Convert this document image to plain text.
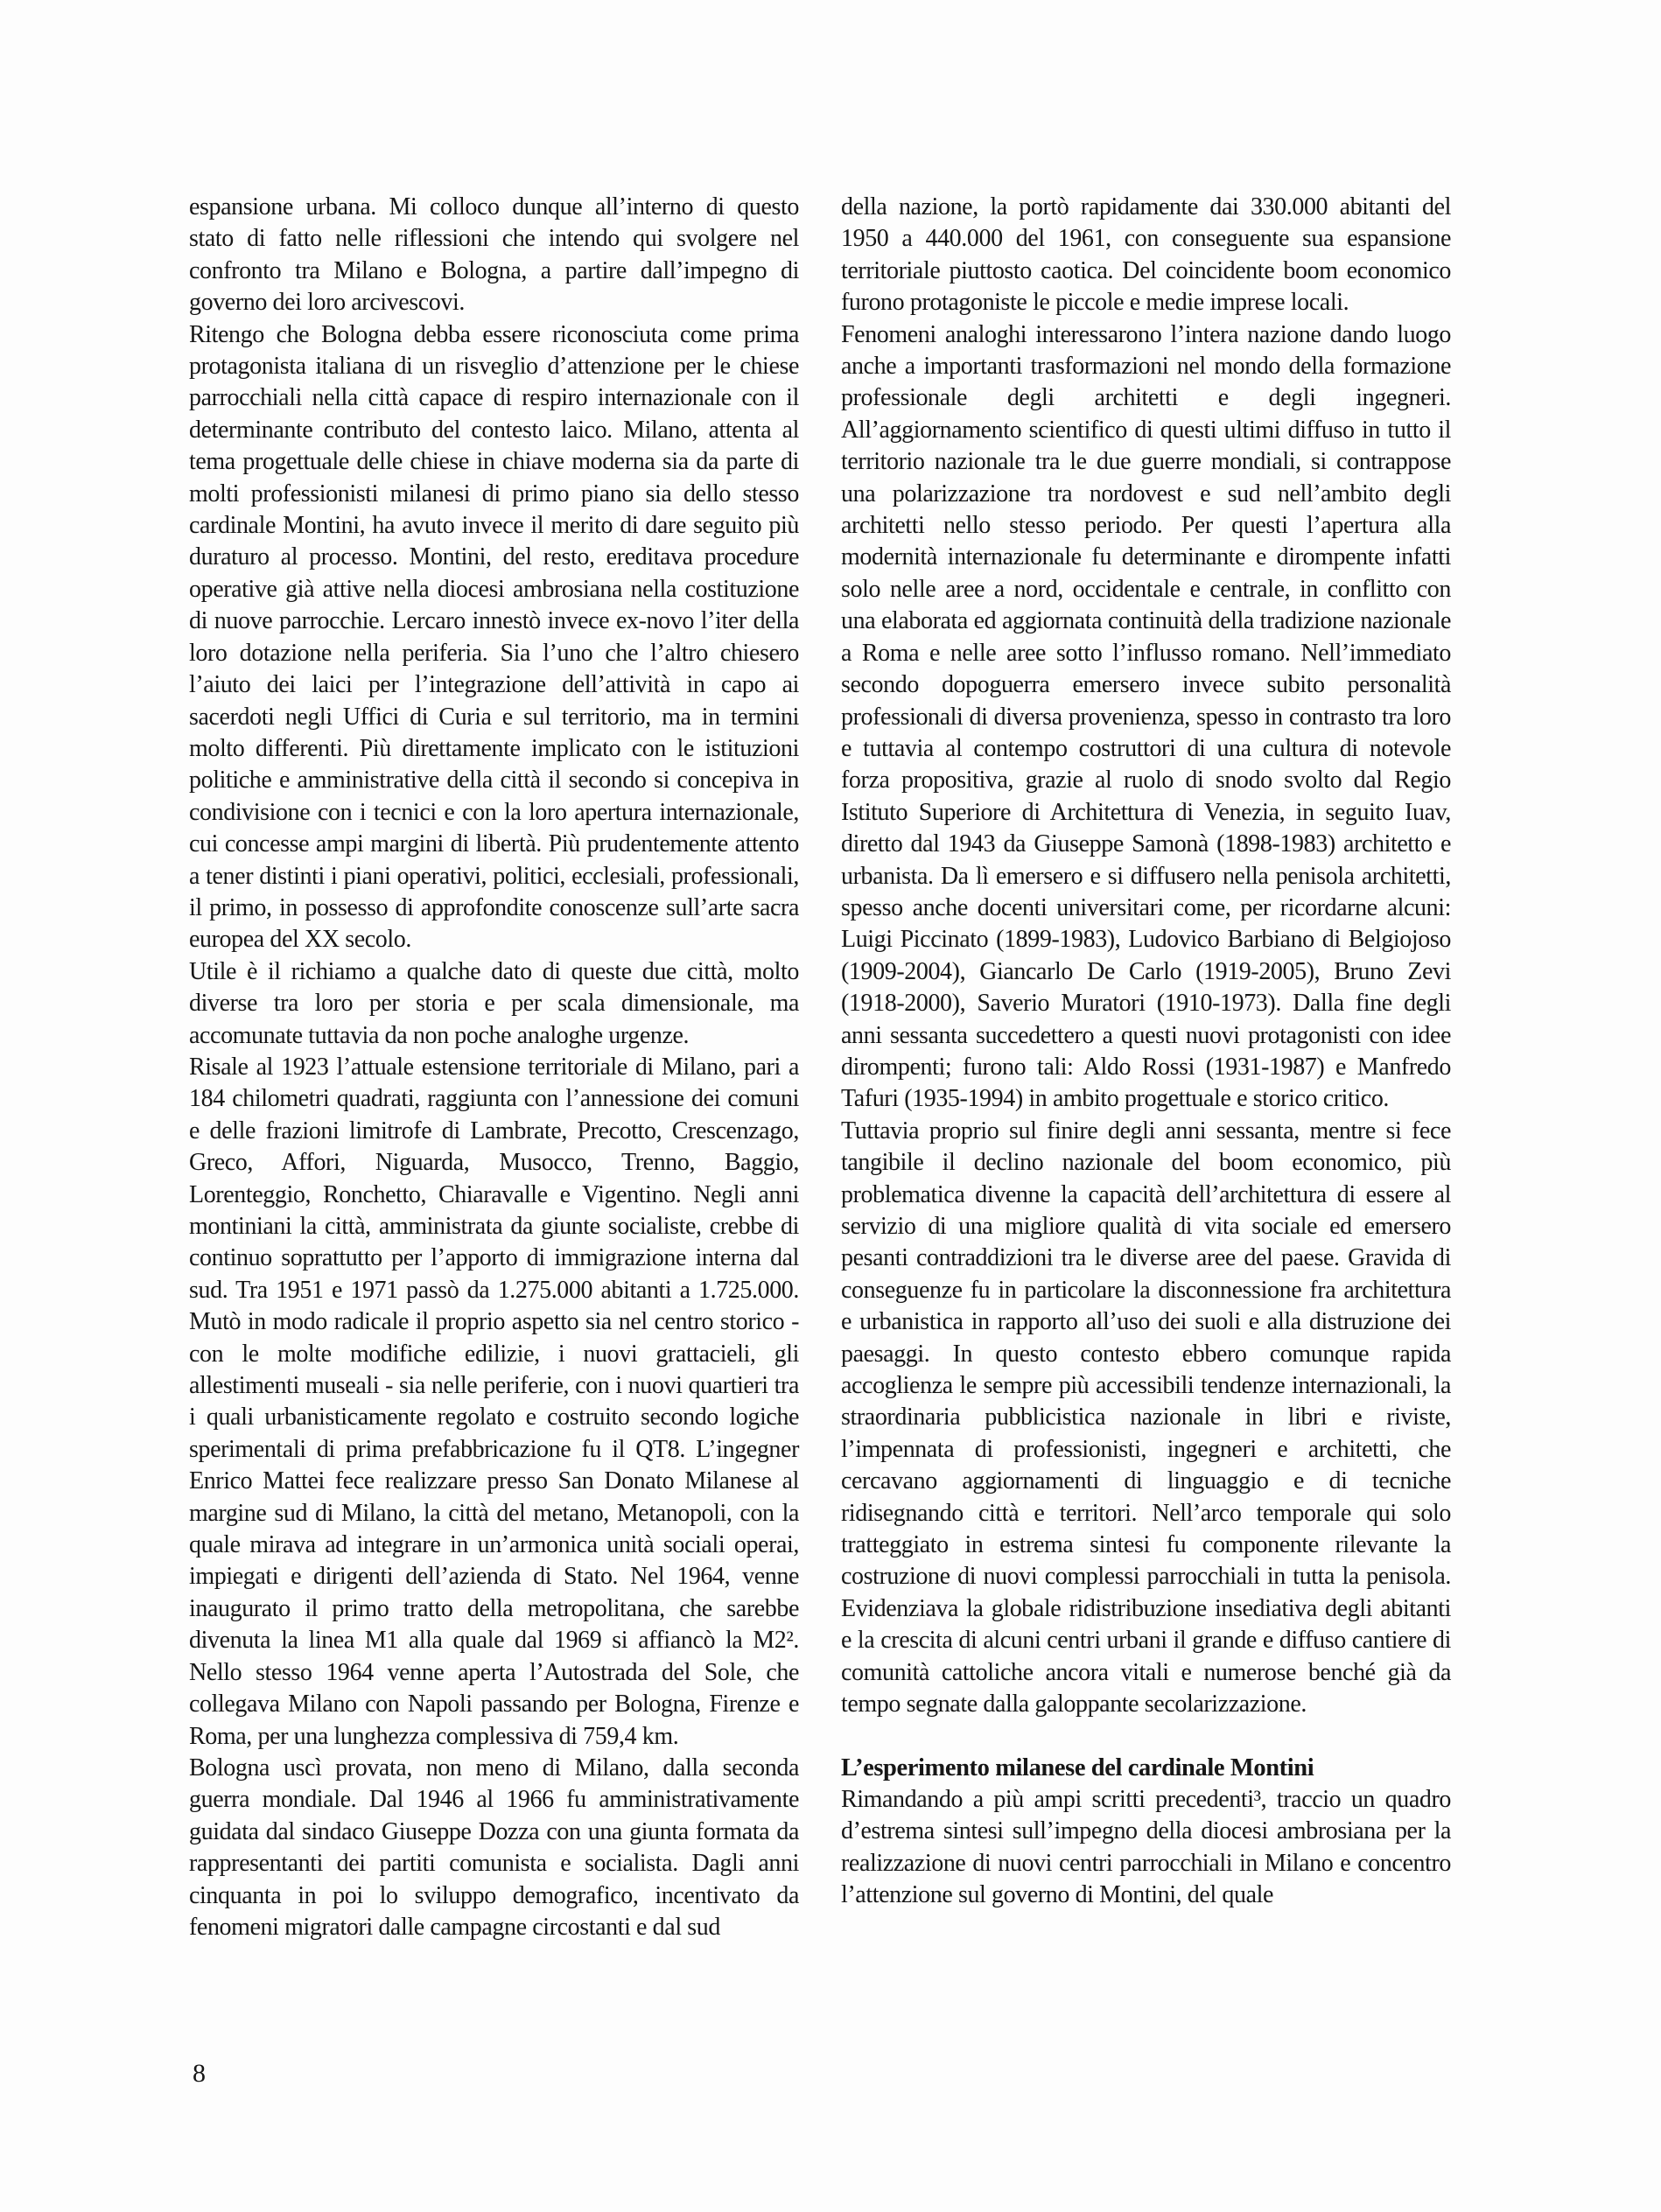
espansione urbana. Mi colloco dunque all’interno di questo stato di fatto nelle riflessioni che intendo qui svolgere nel confronto tra Milano e Bologna, a partire dall’impegno di governo dei loro arcivescovi.

Ritengo che Bologna debba essere riconosciuta come prima protagonista italiana di un risveglio d’attenzione per le chiese parrocchiali nella città capace di respiro internazionale con il determinante contributo del contesto laico. Milano, attenta al tema progettuale delle chiese in chiave moderna sia da parte di molti professionisti milanesi di primo piano sia dello stesso cardinale Montini, ha avuto invece il merito di dare seguito più duraturo al processo. Montini, del resto, ereditava procedure operative già attive nella diocesi ambrosiana nella costituzione di nuove parrocchie. Lercaro innestò invece ex-novo l’iter della loro dotazione nella periferia. Sia l’uno che l’altro chiesero l’aiuto dei laici per l’integrazione dell’attività in capo ai sacerdoti negli Uffici di Curia e sul territorio, ma in termini molto differenti. Più direttamente implicato con le istituzioni politiche e amministrative della città il secondo si concepiva in condivisione con i tecnici e con la loro apertura internazionale, cui concesse ampi margini di libertà. Più prudentemente attento a tener distinti i piani operativi, politici, ecclesiali, professionali, il primo, in possesso di approfondite conoscenze sull’arte sacra europea del XX secolo.

Utile è il richiamo a qualche dato di queste due città, molto diverse tra loro per storia e per scala dimensionale, ma accomunate tuttavia da non poche analoghe urgenze.

Risale al 1923 l’attuale estensione territoriale di Milano, pari a 184 chilometri quadrati, raggiunta con l’annessione dei comuni e delle frazioni limitrofe di Lambrate, Precotto, Crescenzago, Greco, Affori, Niguarda, Musocco, Trenno, Baggio, Lorenteggio, Ronchetto, Chiaravalle e Vigentino. Negli anni montiniani la città, amministrata da giunte socialiste, crebbe di continuo soprattutto per l’apporto di immigrazione interna dal sud. Tra 1951 e 1971 passò da 1.275.000 abitanti a 1.725.000. Mutò in modo radicale il proprio aspetto sia nel centro storico - con le molte modifiche edilizie, i nuovi grattacieli, gli allestimenti museali - sia nelle periferie, con i nuovi quartieri tra i quali urbanisticamente regolato e costruito secondo logiche sperimentali di prima prefabbricazione fu il QT8. L’ingegner Enrico Mattei fece realizzare presso San Donato Milanese al margine sud di Milano, la città del metano, Metanopoli, con la quale mirava ad integrare in un’armonica unità sociali operai, impiegati e dirigenti dell’azienda di Stato. Nel 1964, venne inaugurato il primo tratto della metropolitana, che sarebbe divenuta la linea M1 alla quale dal 1969 si affiancò la M2². Nello stesso 1964 venne aperta l’Autostrada del Sole, che collegava Milano con Napoli passando per Bologna, Firenze e Roma, per una lunghezza complessiva di 759,4 km.

Bologna uscì provata, non meno di Milano, dalla seconda guerra mondiale. Dal 1946 al 1966 fu amministrativamente guidata dal sindaco Giuseppe Dozza con una giunta formata da rappresentanti dei partiti comunista e socialista. Dagli anni cinquanta in poi lo sviluppo demografico, incentivato da fenomeni migratori dalle campagne circostanti e dal sud

della nazione, la portò rapidamente dai 330.000 abitanti del 1950 a 440.000 del 1961, con conseguente sua espansione territoriale piuttosto caotica. Del coincidente boom economico furono protagoniste le piccole e medie imprese locali.

Fenomeni analoghi interessarono l’intera nazione dando luogo anche a importanti trasformazioni nel mondo della formazione professionale degli architetti e degli ingegneri. All’aggiornamento scientifico di questi ultimi diffuso in tutto il territorio nazionale tra le due guerre mondiali, si contrappose una polarizzazione tra nordovest e sud nell’ambito degli architetti nello stesso periodo. Per questi l’apertura alla modernità internazionale fu determinante e dirompente infatti solo nelle aree a nord, occidentale e centrale, in conflitto con una elaborata ed aggiornata continuità della tradizione nazionale a Roma e nelle aree sotto l’influsso romano. Nell’immediato secondo dopoguerra emersero invece subito personalità professionali di diversa provenienza, spesso in contrasto tra loro e tuttavia al contempo costruttori di una cultura di notevole forza propositiva, grazie al ruolo di snodo svolto dal Regio Istituto Superiore di Architettura di Venezia, in seguito Iuav, diretto dal 1943 da Giuseppe Samonà (1898-1983) architetto e urbanista. Da lì emersero e si diffusero nella penisola architetti, spesso anche docenti universitari come, per ricordarne alcuni: Luigi Piccinato (1899-1983), Ludovico Barbiano di Belgiojoso (1909-2004), Giancarlo De Carlo (1919-2005), Bruno Zevi (1918-2000), Saverio Muratori (1910-1973). Dalla fine degli anni sessanta succedettero a questi nuovi protagonisti con idee dirompenti; furono tali: Aldo Rossi (1931-1987) e Manfredo Tafuri (1935-1994) in ambito progettuale e storico critico.

Tuttavia proprio sul finire degli anni sessanta, mentre si fece tangibile il declino nazionale del boom economico, più problematica divenne la capacità dell’architettura di essere al servizio di una migliore qualità di vita sociale ed emersero pesanti contraddizioni tra le diverse aree del paese. Gravida di conseguenze fu in particolare la disconnessione fra architettura e urbanistica in rapporto all’uso dei suoli e alla distruzione dei paesaggi. In questo contesto ebbero comunque rapida accoglienza le sempre più accessibili tendenze internazionali, la straordinaria pubblicistica nazionale in libri e riviste, l’impennata di professionisti, ingegneri e architetti, che cercavano aggiornamenti di linguaggio e di tecniche ridisegnando città e territori. Nell’arco temporale qui solo tratteggiato in estrema sintesi fu componente rilevante la costruzione di nuovi complessi parrocchiali in tutta la penisola. Evidenziava la globale ridistribuzione insediativa degli abitanti e la crescita di alcuni centri urbani il grande e diffuso cantiere di comunità cattoliche ancora vitali e numerose benché già da tempo segnate dalla galoppante secolarizzazione.

L’esperimento milanese del cardinale Montini

Rimandando a più ampi scritti precedenti³, traccio un quadro d’estrema sintesi sull’impegno della diocesi ambrosiana per la realizzazione di nuovi centri parrocchiali in Milano e concentro l’attenzione sul governo di Montini, del quale

8
